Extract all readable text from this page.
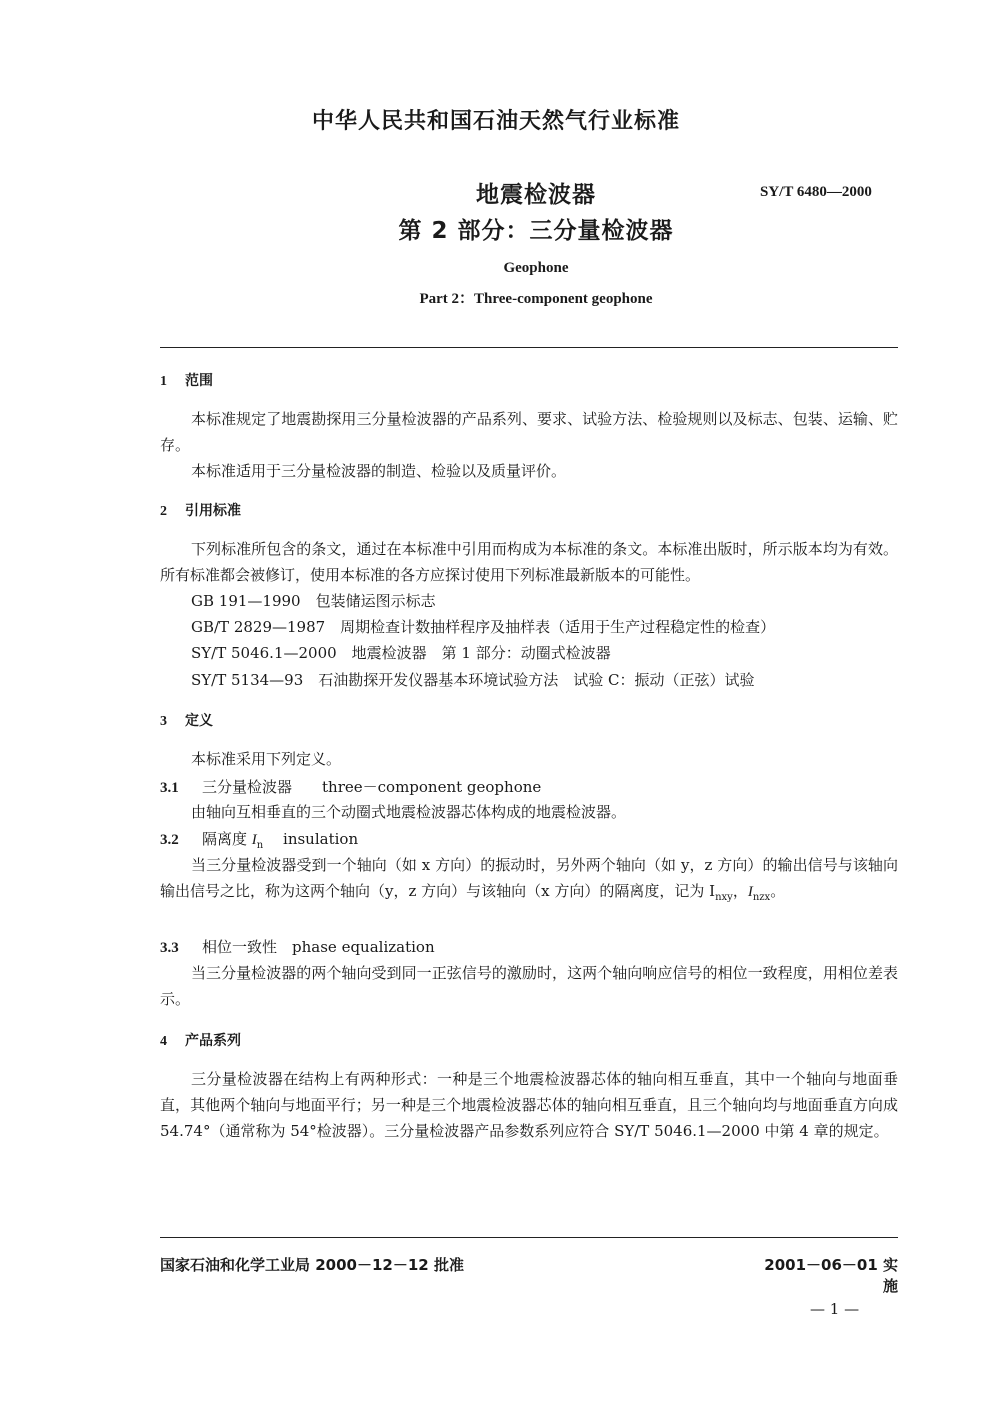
中华人民共和国石油天然气行业标准
地震检波器	SY/T 6480—2000
第 2 部分：三分量检波器
Geophone
Part 2：Three-component geophone
1 范围
本标准规定了地震勘探用三分量检波器的产品系列、要求、试验方法、检验规则以及标志、包装、运输、贮存。
本标准适用于三分量检波器的制造、检验以及质量评价。
2 引用标准
下列标准所包含的条文，通过在本标准中引用而构成为本标准的条文。本标准出版时，所示版本均为有效。所有标准都会被修订，使用本标准的各方应探讨使用下列标准最新版本的可能性。
GB 191—1990　包装储运图示标志
GB/T 2829—1987　周期检查计数抽样程序及抽样表（适用于生产过程稳定性的检查）
SY/T 5046.1—2000　地震检波器　第 1 部分：动圈式检波器
SY/T 5134—93　石油勘探开发仪器基本环境试验方法　试验 C：振动（正弦）试验
3 定义
本标准采用下列定义。
3.1 三分量检波器　　 three－component geophone
由轴向互相垂直的三个动圈式地震检波器芯体构成的地震检波器。
3.2 隔离度 $I_n$ 　 insulation
当三分量检波器受到一个轴向（如 x 方向）的振动时，另外两个轴向（如 y，z 方向）的输出信号与该轴向输出信号之比，称为这两个轴向（y，z 方向）与该轴向（x 方向）的隔离度，记为 $I_{nxy}$，$I_{nzx}$。
3.3 相位一致性　 phase equalization
当三分量检波器的两个轴向受到同一正弦信号的激励时，这两个轴向响应信号的相位一致程度，用相位差表示。
4 产品系列
三分量检波器在结构上有两种形式：一种是三个地震检波器芯体的轴向相互垂直，其中一个轴向与地面垂直，其他两个轴向与地面平行；另一种是三个地震检波器芯体的轴向相互垂直，且三个轴向均与地面垂直方向成 54.74°（通常称为 54°检波器）。三分量检波器产品参数系列应符合 SY/T 5046.1—2000 中第 4 章的规定。
国家石油和化学工业局 2000－12－12 批准	2001－06－01 实施
— 1 —
